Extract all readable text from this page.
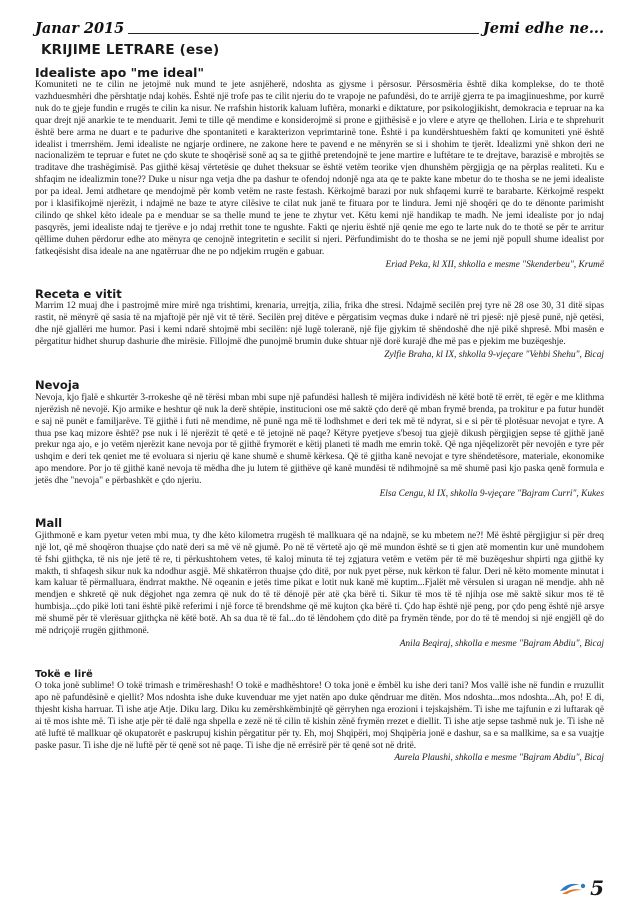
Janar 2015	Jemi edhe ne...
KRIJIME LETRARE (ese)
Idealiste apo "me ideal"

Komuniteti ne te cilin ne jetojmë nuk mund te jete asnjëherë, ndoshta as gjysme i përsosur. Përsosmëria është dika komplekse, do te thotë vazhduesmhëri dhe përshtatje ndaj kohës. Është një trofe pas te cilit njeriu do te vrapoje ne pafundësi, do te arrijë gjerra te pa imagjinueshme, por kurrë nuk do te gjeje fundin e rrugës te cilin ka nisur. Ne rrafshin historik kaluam luftëra, monarki e diktature, por psikologjikisht, demokracia e tepruar na ka quar drejt një anarkie te te menduarit. Jemi te tille që mendime e konsiderojmë si prone e gjithësisë e jo vlere e atyre qe thellohen. Liria e te shprehurit është bere arma ne duart e te padurive dhe spontaniteti e karakterizon veprimtarinë tone. Është i pa kundërshtueshëm fakti qe komuniteti ynë është idealist i tmerrshëm. Jemi idealiste ne ngjarje ordinere, ne zakone here te pavend e ne mënyrën se si i shohim te tjerët. Idealizmi ynë shkon deri ne nacionalizëm te tepruar e futet ne çdo skute te shoqërisë sonë aq sa te gjithë pretendojnë te jene martire e luftëtare te te drejtave, barazisë e mbrojtës se traditave dhe trashëgimisë. Pas gjithë kësaj vërtetësie qe duhet theksuar se është vetëm teorike vjen dhunshëm përgjigja qe na përplas realiteti. Ku e shfaqim ne idealizmin tone?? Duke u nisur nga vetja dhe pa dashur te ofendoj ndonjë nga ata qe te pakte kane mbetur do te thosha se ne jemi idealiste por pa ideal. Jemi atdhetare qe mendojmë për komb vetëm ne raste festash. Kërkojmë barazi por nuk shfaqemi kurrë te barabarte. Kërkojmë respekt por i klasifikojmë njerëzit, i ndajmë ne baze te atyre cilësive te cilat nuk janë te fituara por te lindura. Jemi një shoqëri qe do te dënonte parimisht cilindo qe shkel këto ideale pa e menduar se sa thelle mund te jene te zhytur vet. Këtu kemi një handikap te madh. Ne jemi idealiste por jo ndaj pasqyrës, jemi idealiste ndaj te tjerëve e jo ndaj rrethit tone te ngushte. Fakti qe njeriu është një qenie me ego te larte nuk do te thotë se për te arritur qëllime duhen përdorur edhe ato mënyra qe cenojnë integritetin e secilit si njeri. Përfundimisht do te thosha se ne jemi një popull shume idealist por fatkeqësisht disa ideale na ane ngatërruar dhe ne po ndjekim rrugën e gabuar.

Eriad Peka, kl XII, shkolla e mesme "Skenderbeu", Krumë

Receta e vitit

Marrim 12 muaj dhe i pastrojmë mire mirë nga trishtimi, krenaria, urrejtja, zilia, frika dhe stresi. Ndajmë secilën prej tyre në 28 ose 30, 31 ditë sipas rastit, në mënyrë që sasia të na mjaftojë për një vit të tërë. Secilën prej ditëve e përgatisim veçmas duke i ndarë në tri pjesë: një pjesë punë, një qetësi, dhe një gjallëri me humor. Pasi i kemi ndarë shtojmë mbi secilën: një lugë toleranë, një fije gjykim të shëndoshë dhe një pikë shpresë. Mbi masën e përgatitur hidhet shurup dashurie dhe mirësie. Fillojmë dhe punojmë brumin duke shtuar një dorë kurajë dhe më pas e pjekim me buzëqeshje.

Zylfie Braha, kl IX, shkolla 9-vjeçare "Vehbi Shehu", Bicaj

Nevoja

Nevoja, kjo fjalë e shkurtër 3-rrokeshe që në tërësi mban mbi supe një pafundësi hallesh të mijëra individësh në këtë botë të errët, të egër e me klithma njerëzish në nevojë. Kjo armike e heshtur që nuk la derë shtëpie, institucioni ose më saktë çdo derë që mban frymë brenda, pa trokitur e pa futur hundët e saj në punët e familjarëve. Të gjithë i futi në mendime, në punë nga më të lodhshmet e deri tek më të ndyrat, si e si për të plotësuar nevojat e tyre. A thua pse kaq mizore është? pse nuk i lë njerëzit të qetë e të jetojnë në paqe? Këtyre pyetjeve s'besoj tua gjejë dikush përgjigjen sepse të gjithë janë prekur nga ajo, e jo vetëm njerëzit kane nevoja por të gjithë frymorët e këtij planeti të madh me emrin tokë. Që nga njëqelizorët për nevojën e tyre për ushqim e deri tek qeniet me të evoluara si njeriu që kane shumë e shumë kërkesa. Që të gjitha kanë nevojat e tyre shëndetësore, materiale, ekonomike apo mendore. Por jo të gjithë kanë nevoja të mëdha dhe ju lutem të gjithëve që kanë mundësi të ndihmojnë sa më shumë pasi kjo paska qenë formula e jetës dhe "nevoja" e përbashkët e çdo njeriu.

Elsa Cengu, kl IX, shkolla 9-vjeçare "Bajram Curri", Kukes

Mall

Gjithmonë e kam pyetur veten mbi mua, ty dhe këto kilometra rrugësh të mallkuara që na ndajnë, se ku mbetem ne?! Më është përgjigjur si për dreq një lot, që më shoqëron thuajse çdo natë deri sa më vë në gjumë. Po në të vërtetë ajo që më mundon është se ti gjen atë momentin kur unë mundohem të fshi gjithçka, të nis nje jetë të re, ti përkushtohem vetes, të kaloj minuta të tej zgjatura vetëm e vetëm për të më buzëqeshur shpirti nga gjithë ky makth, ti shfaqesh sikur nuk ka ndodhur asgjë. Më shkatërron thuajse çdo ditë, por nuk pyet përse, nuk kërkon të falur. Deri në këto momente minutat i kam kaluar të përmalluara, ëndrrat makthe. Në oqeanin e jetës time pikat e lotit nuk kanë më kuptim...Fjalët më vërsulen si uragan në mendje. ahh në mendjen e shkretë që nuk dëgjohet nga zemra që nuk do të të dënojë për atë çka bërë ti. Sikur të mos të të njihja ose më saktë sikur mos të të humbisja...çdo pikë loti tani është pikë referimi i një force të brendshme që më kujton çka bërë ti. Çdo hap është një peng, por çdo peng është një arsye më shumë për të vlerësuar gjithçka në këtë botë. Ah sa dua të të fal...do të lëndohem çdo ditë pa frymën tënde, por do të të mendoj si një engjëll që do më ndriçojë rrugën gjithmonë.

Anila Beqiraj, shkolla e mesme "Bajram Abdiu", Bicaj

Tokë e lirë

O toka jonë sublime! O tokë trimash e trimëreshash! O tokë e madhështore! O toka jonë e ëmbël ku ishe deri tani? Mos vallë ishe në fundin e rruzullit apo në pafundësinë e qiellit? Mos ndoshta ishe duke kuvenduar me yjet natën apo duke qëndruar me ditën. Mos ndoshta...mos ndoshta...Ah, po! E di, thjesht kisha harruar. Ti ishe atje Atje. Diku larg. Diku ku zemërshkëmbinjtë që gërryhen nga erozioni i tejskajshëm. Ti ishe me tajfunin e zi luftarak që ai të mos ishte më. Ti ishe atje për të dalë nga shpella e zezë në të cilin të kishin zënë frymën rrezet e diellit. Ti ishe atje sepse tashmë nuk je. Ti ishe në atë luftë të mallkuar që okupatorët e paskrupuj kishin përgatitur për ty. Eh, moj Shqipëri, moj Shqipëria jonë e dashur, sa e sa mallkime, sa e sa vuajtje paske pasur. Ti ishe dje në luftë për të qenë sot në paqe. Ti ishe dje në errësirë për të qenë sot në dritë.

Aurela Plaushi, shkolla e mesme "Bajram Abdiu", Bicaj

5
